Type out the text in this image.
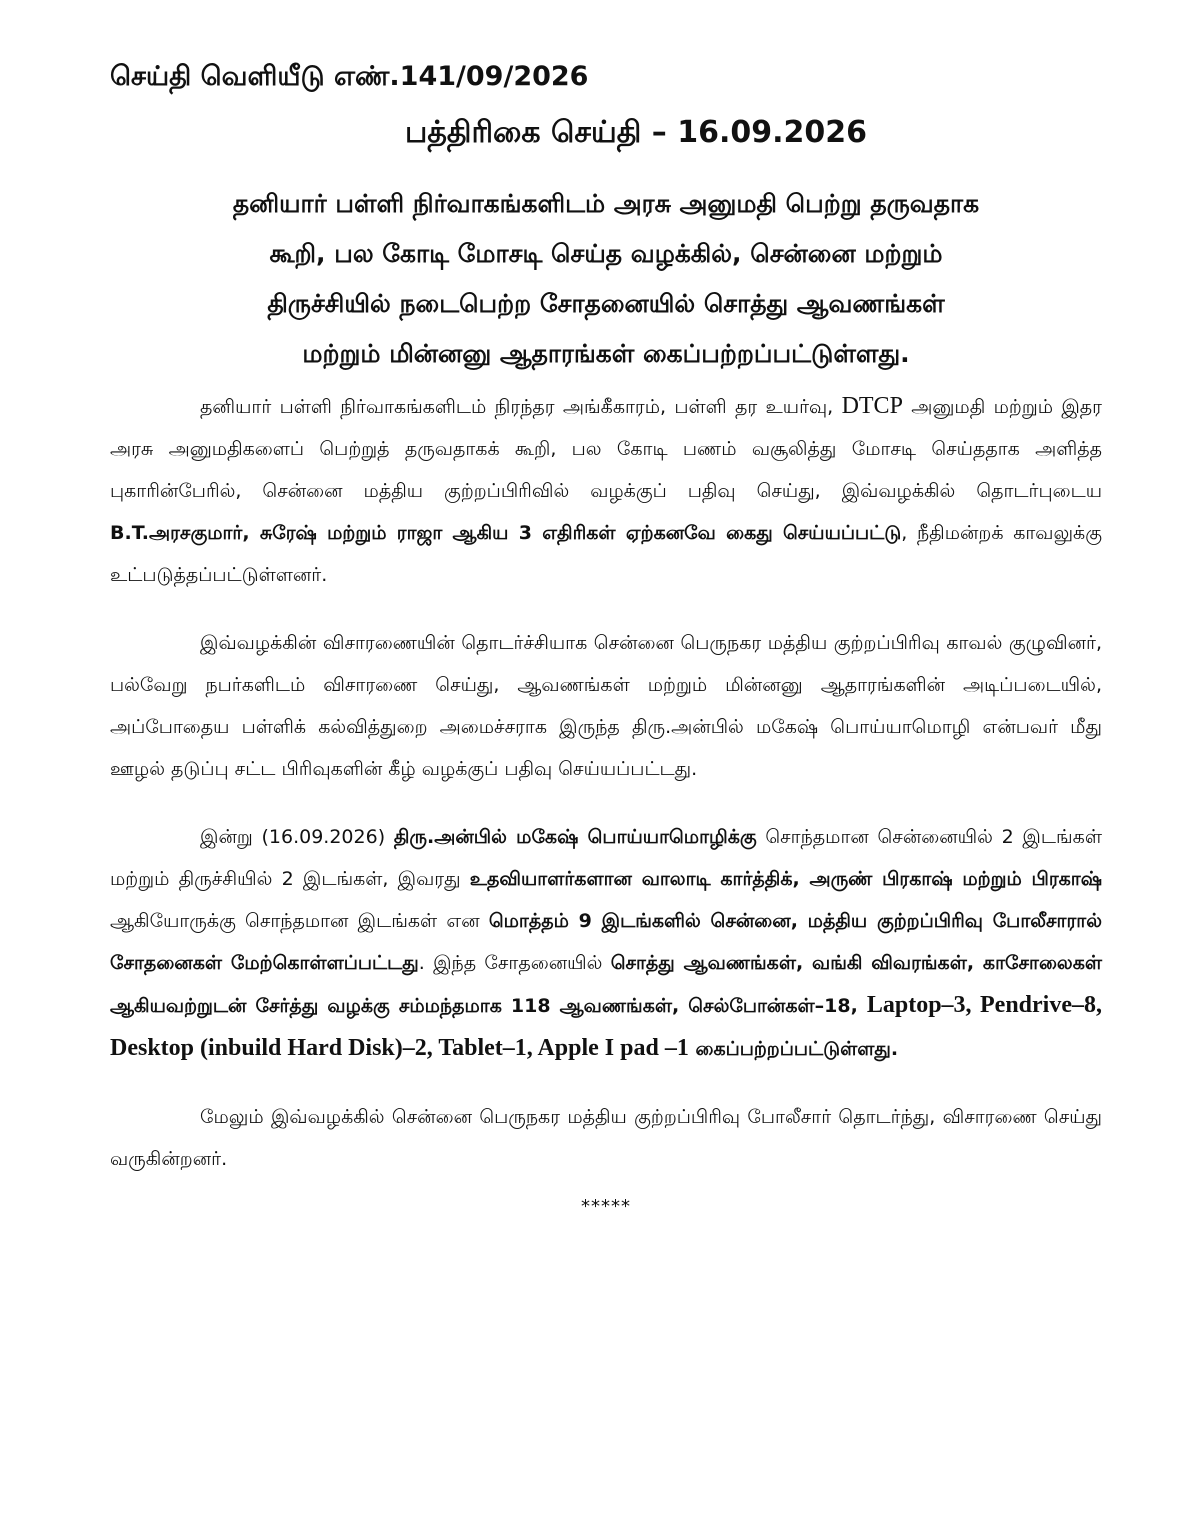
செய்தி வெளியீடு எண்.141/09/2026

பத்திரிகை செய்தி – 16.09.2026

தனியார் பள்ளி நிர்வாகங்களிடம் அரசு அனுமதி பெற்று தருவதாக
கூறி, பல கோடி மோசடி செய்த வழக்கில், சென்னை மற்றும்
திருச்சியில் நடைபெற்ற சோதனையில் சொத்து ஆவணங்கள்
மற்றும் மின்னனு ஆதாரங்கள் கைப்பற்றப்பட்டுள்ளது.

தனியார் பள்ளி நிர்வாகங்களிடம் நிரந்தர அங்கீகாரம், பள்ளி தர உயர்வு, DTCP அனுமதி மற்றும் இதர அரசு அனுமதிகளைப் பெற்றுத் தருவதாகக் கூறி, பல கோடி பணம் வசூலித்து மோசடி செய்ததாக அளித்த புகாரின்பேரில், சென்னை மத்திய குற்றப்பிரிவில் வழக்குப் பதிவு செய்து, இவ்வழக்கில் தொடர்புடைய B.T.அரசகுமார், சுரேஷ் மற்றும் ராஜா ஆகிய 3 எதிரிகள் ஏற்கனவே கைது செய்யப்பட்டு, நீதிமன்றக் காவலுக்கு உட்படுத்தப்பட்டுள்ளனர்.

இவ்வழக்கின் விசாரணையின் தொடர்ச்சியாக சென்னை பெருநகர மத்திய குற்றப்பிரிவு காவல் குழுவினர், பல்வேறு நபர்களிடம் விசாரணை செய்து, ஆவணங்கள் மற்றும் மின்னனு ஆதாரங்களின் அடிப்படையில், அப்போதைய பள்ளிக் கல்வித்துறை அமைச்சராக இருந்த திரு.அன்பில் மகேஷ் பொய்யாமொழி என்பவர் மீது ஊழல் தடுப்பு சட்ட பிரிவுகளின் கீழ் வழக்குப் பதிவு செய்யப்பட்டது.

இன்று (16.09.2026) திரு.அன்பில் மகேஷ் பொய்யாமொழிக்கு சொந்தமான சென்னையில் 2 இடங்கள் மற்றும் திருச்சியில் 2 இடங்கள், இவரது உதவியாளர்களான வாலாடி கார்த்திக், அருண் பிரகாஷ் மற்றும் பிரகாஷ் ஆகியோருக்கு சொந்தமான இடங்கள் என மொத்தம் 9 இடங்களில் சென்னை, மத்திய குற்றப்பிரிவு போலீசாரால் சோதனைகள் மேற்கொள்ளப்பட்டது. இந்த சோதனையில் சொத்து ஆவணங்கள், வங்கி விவரங்கள், காசோலைகள் ஆகியவற்றுடன் சேர்த்து வழக்கு சம்மந்தமாக 118 ஆவணங்கள், செல்போன்கள்–18, Laptop–3, Pendrive–8, Desktop (inbuild Hard Disk)–2, Tablet–1, Apple I pad –1 கைப்பற்றப்பட்டுள்ளது.

மேலும் இவ்வழக்கில் சென்னை பெருநகர மத்திய குற்றப்பிரிவு போலீசார் தொடர்ந்து, விசாரணை செய்து வருகின்றனர்.

*****
